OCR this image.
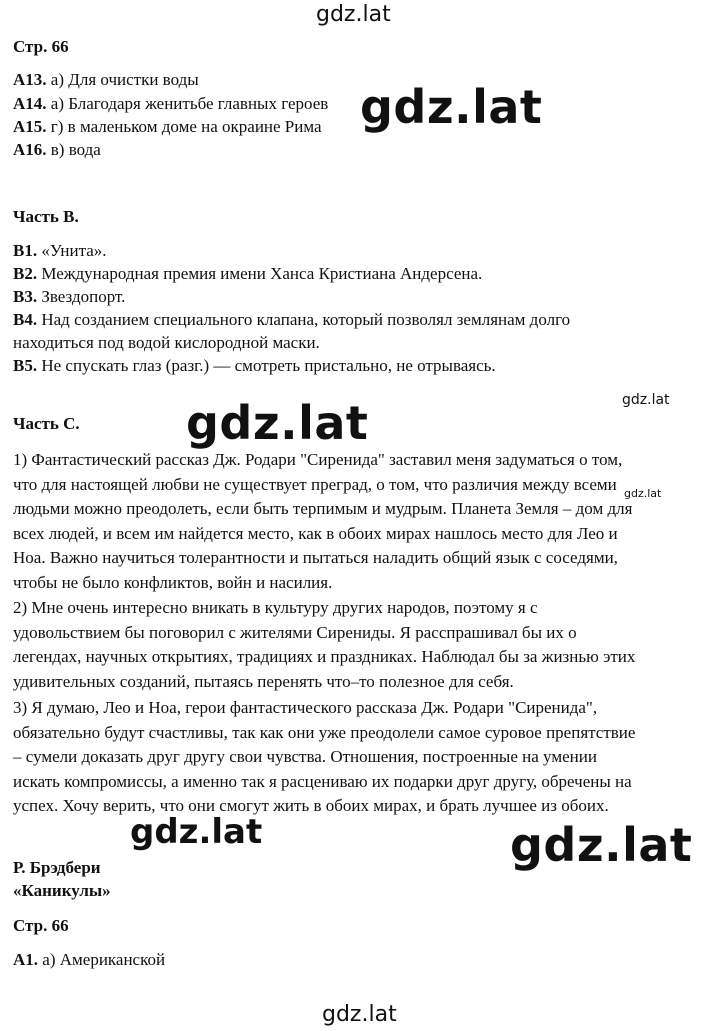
gdz.lat
gdz.lat
gdz.lat
gdz.lat
gdz.lat
gdz.lat	gdz.lat
gdz.lat
Стр. 66
А13. а) Для очистки воды
А14. а) Благодаря женитьбе главных героев
А15. г) в маленьком доме на окраине Рима
А16. в) вода
Часть В.
В1. «Унита».
В2. Международная премия имени Ханса Кристиана Андерсена.
В3. Звездопорт.
В4. Над созданием специального клапана, который позволял землянам долго
находиться под водой кислородной маски.
В5. Не спускать глаз (разг.) — смотреть пристально, не отрываясь.
Часть С.

1) Фантастический рассказ Дж. Родари "Сиренида" заставил меня задуматься о том,

что для настоящей любви не существует преград, о том, что различия между всеми

людьми можно преодолеть, если быть терпимым и мудрым. Планета Земля – дом для

всех людей, и всем им найдется место, как в обоих мирах нашлось место для Лео и

Ноа. Важно научиться толерантности и пытаться наладить общий язык с соседями,

чтобы не было конфликтов, войн и насилия.

2) Мне очень интересно вникать в культуру других народов, поэтому я с

удовольствием бы поговорил с жителями Сирениды. Я расспрашивал бы их о

легендах, научных открытиях, традициях и праздниках. Наблюдал бы за жизнью этих

удивительных созданий, пытаясь перенять что–то полезное для себя.

3) Я думаю, Лео и Ноа, герои фантастического рассказа Дж. Родари "Сиренида",

обязательно будут счастливы, так как они уже преодолели самое суровое препятствие

– сумели доказать друг другу свои чувства. Отношения, построенные на умении

искать компромиссы, а именно так я расцениваю их подарки друг другу, обречены на

успех. Хочу верить, что они смогут жить в обоих мирах, и брать лучшее из обоих.

Р. Брэдбери
«Каникулы»
Стр. 66
А1. а) Американской
